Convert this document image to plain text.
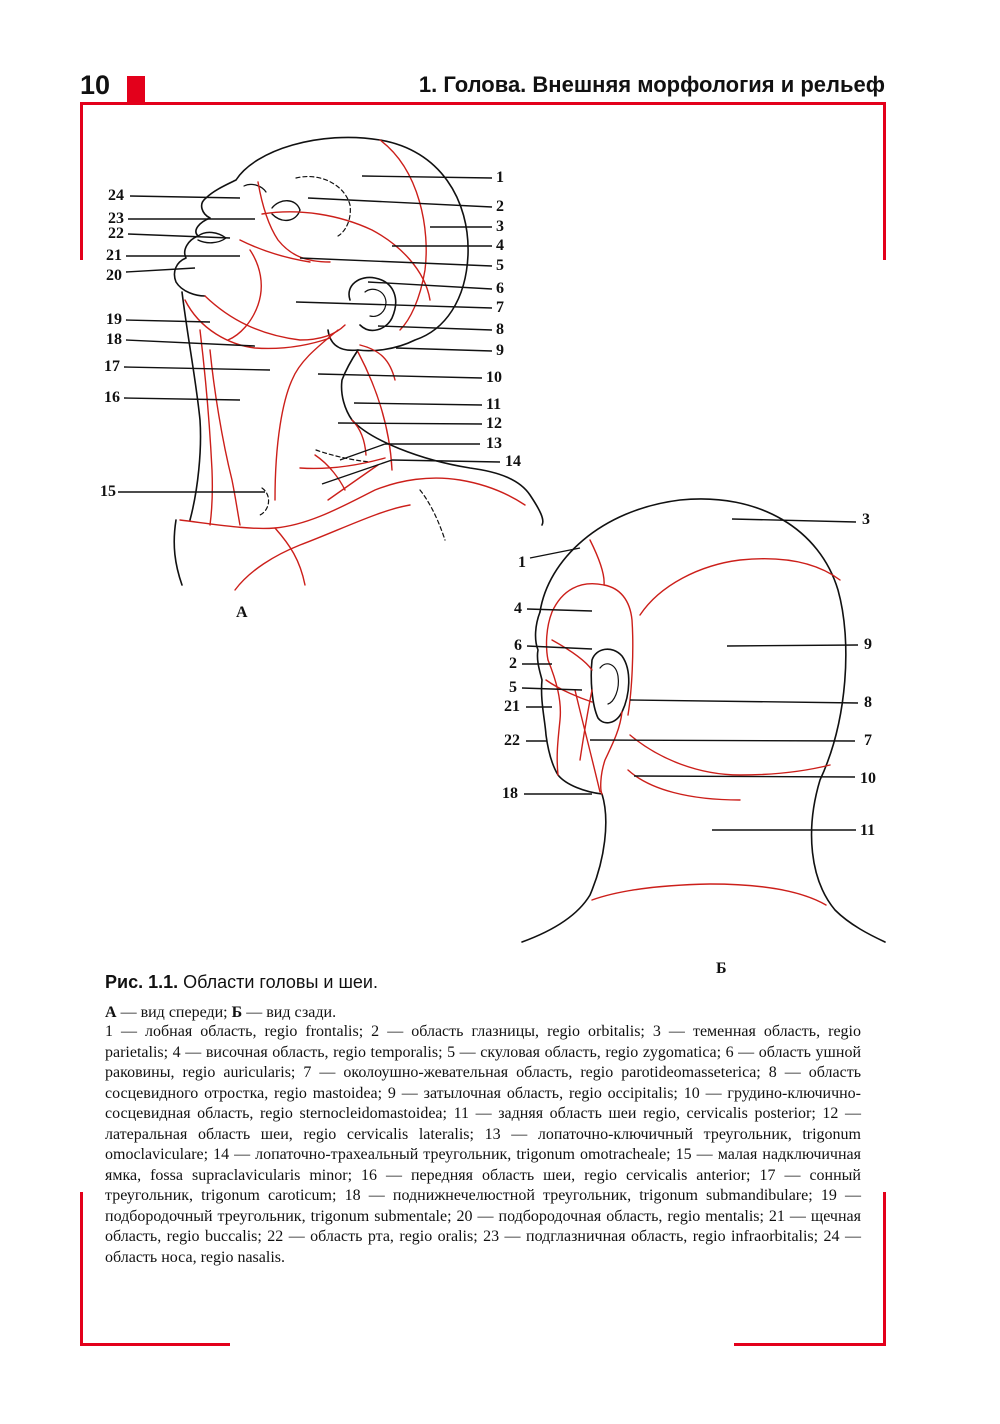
10	1. Голова. Внешняя морфология и рельеф
24
23
22
21
20
19
18
17
16
15
1
2
3
4
5
6
7
8
9
10
11
12
13
14
А
1
4
6
2
5
21
22
18
3
9
8
7
10
11
Б
Рис. 1.1. Области головы и шеи.
А — вид спереди; Б — вид сзади.
1 — лобная область, regio frontalis; 2 — область глазницы, regio orbitalis; 3 — теменная область, regio parietalis; 4 — височная область, regio temporalis; 5 — скуловая область, regio zygomatica; 6 — область ушной раковины, regio auricularis; 7 — околоушно-жевательная область, regio parotideomasseterica; 8 — область сосцевидного отростка, regio mastoidea; 9 — затылочная область, regio occipitalis; 10 — грудино-ключично-сосцевидная область, regio sternocleidomastoidea; 11 — задняя область шеи regio, cervicalis posterior; 12 — латеральная область шеи, regio cervicalis lateralis; 13 — лопаточно-ключичный треугольник, trigonum omoclaviculare; 14 — лопаточно-трахеальный треугольник, trigonum omotracheale; 15 — малая надключичная ямка, fossa supraclavicularis minor; 16 — передняя область шеи, regio cervicalis anterior; 17 — сонный треугольник, trigonum caroticum; 18 — поднижнечелюстной треугольник, trigonum submandibulare; 19 — подбородочный треугольник, trigonum submentale; 20 — подбородочная область, regio mentalis; 21 — щечная область, regio buccalis; 22 — область рта, regio oralis; 23 — подглазничная область, regio infraorbitalis; 24 — область носа, regio nasalis.
